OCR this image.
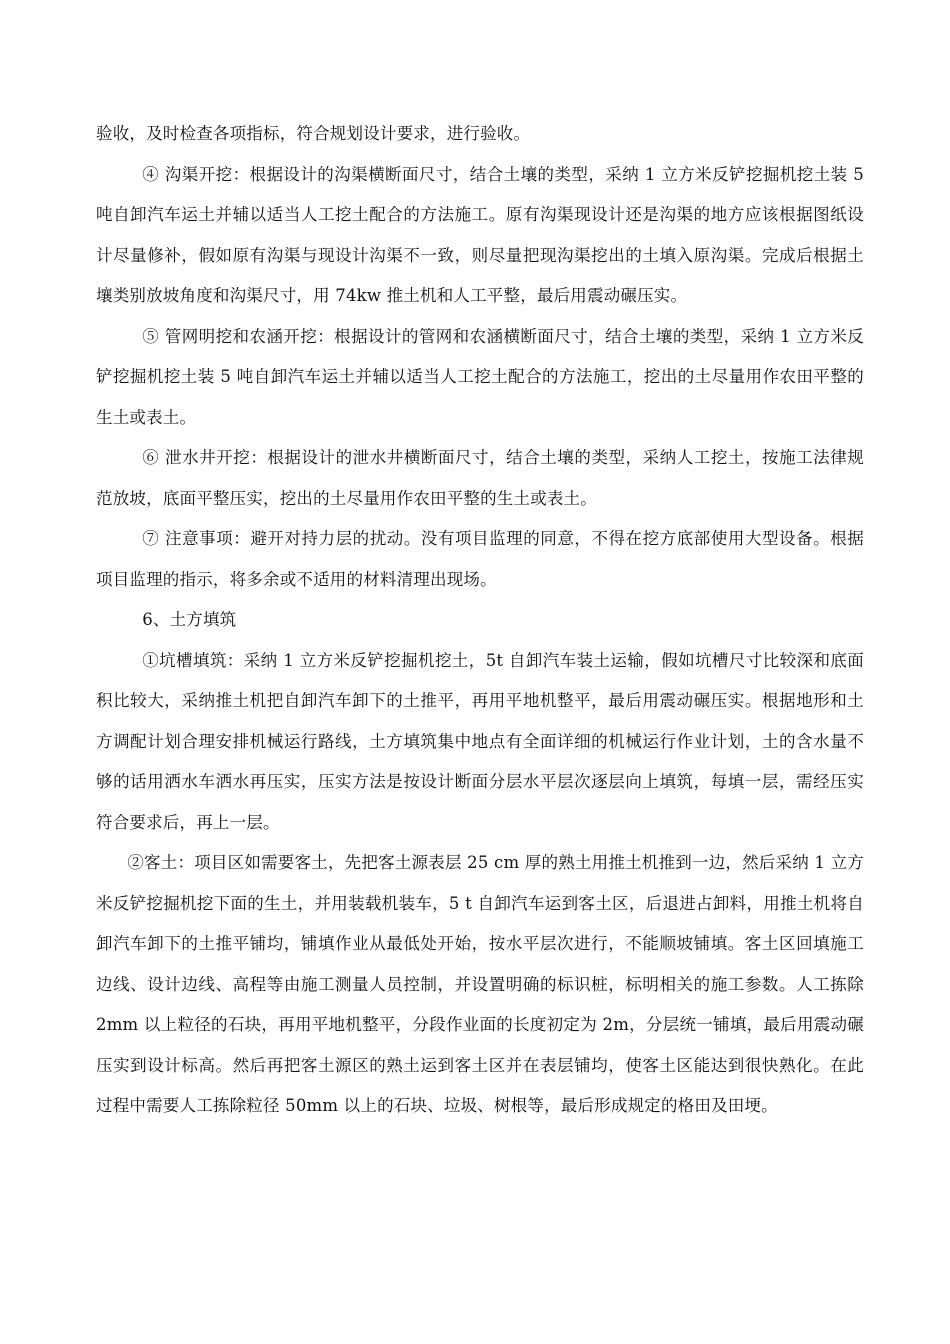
验收，及时检查各项指标，符合规划设计要求，进行验收。

④ 沟渠开挖：根据设计的沟渠横断面尺寸，结合土壤的类型，采纳 1 立方米反铲挖掘机挖土装 5 吨自卸汽车运土并辅以适当人工挖土配合的方法施工。原有沟渠现设计还是沟渠的地方应该根据图纸设计尽量修补，假如原有沟渠与现设计沟渠不一致，则尽量把现沟渠挖出的土填入原沟渠。完成后根据土壤类别放坡角度和沟渠尺寸，用 74kw 推土机和人工平整，最后用震动碾压实。

⑤ 管网明挖和农涵开挖：根据设计的管网和农涵横断面尺寸，结合土壤的类型，采纳 1 立方米反铲挖掘机挖土装 5 吨自卸汽车运土并辅以适当人工挖土配合的方法施工，挖出的土尽量用作农田平整的生土或表土。

⑥ 泄水井开挖：根据设计的泄水井横断面尺寸，结合土壤的类型，采纳人工挖土，按施工法律规范放坡，底面平整压实，挖出的土尽量用作农田平整的生土或表土。

⑦ 注意事项：避开对持力层的扰动。没有项目监理的同意，不得在挖方底部使用大型设备。根据项目监理的指示，将多余或不适用的材料清理出现场。

6、土方填筑

①坑槽填筑：采纳 1 立方米反铲挖掘机挖土，5t 自卸汽车装土运输，假如坑槽尺寸比较深和底面积比较大，采纳推土机把自卸汽车卸下的土推平，再用平地机整平，最后用震动碾压实。根据地形和土方调配计划合理安排机械运行路线，土方填筑集中地点有全面详细的机械运行作业计划，土的含水量不够的话用洒水车洒水再压实，压实方法是按设计断面分层水平层次逐层向上填筑，每填一层，需经压实符合要求后，再上一层。

②客土：项目区如需要客土，先把客土源表层 25 cm 厚的熟土用推土机推到一边，然后采纳 1 立方米反铲挖掘机挖下面的生土，并用装载机装车，5 t 自卸汽车运到客土区，后退进占卸料，用推土机将自卸汽车卸下的土推平铺均，铺填作业从最低处开始，按水平层次进行，不能顺坡铺填。客土区回填施工边线、设计边线、高程等由施工测量人员控制，并设置明确的标识桩，标明相关的施工参数。人工拣除 2mm 以上粒径的石块，再用平地机整平，分段作业面的长度初定为 2m，分层统一铺填，最后用震动碾压实到设计标高。然后再把客土源区的熟土运到客土区并在表层铺均，使客土区能达到很快熟化。在此过程中需要人工拣除粒径 50mm 以上的石块、垃圾、树根等，最后形成规定的格田及田埂。
